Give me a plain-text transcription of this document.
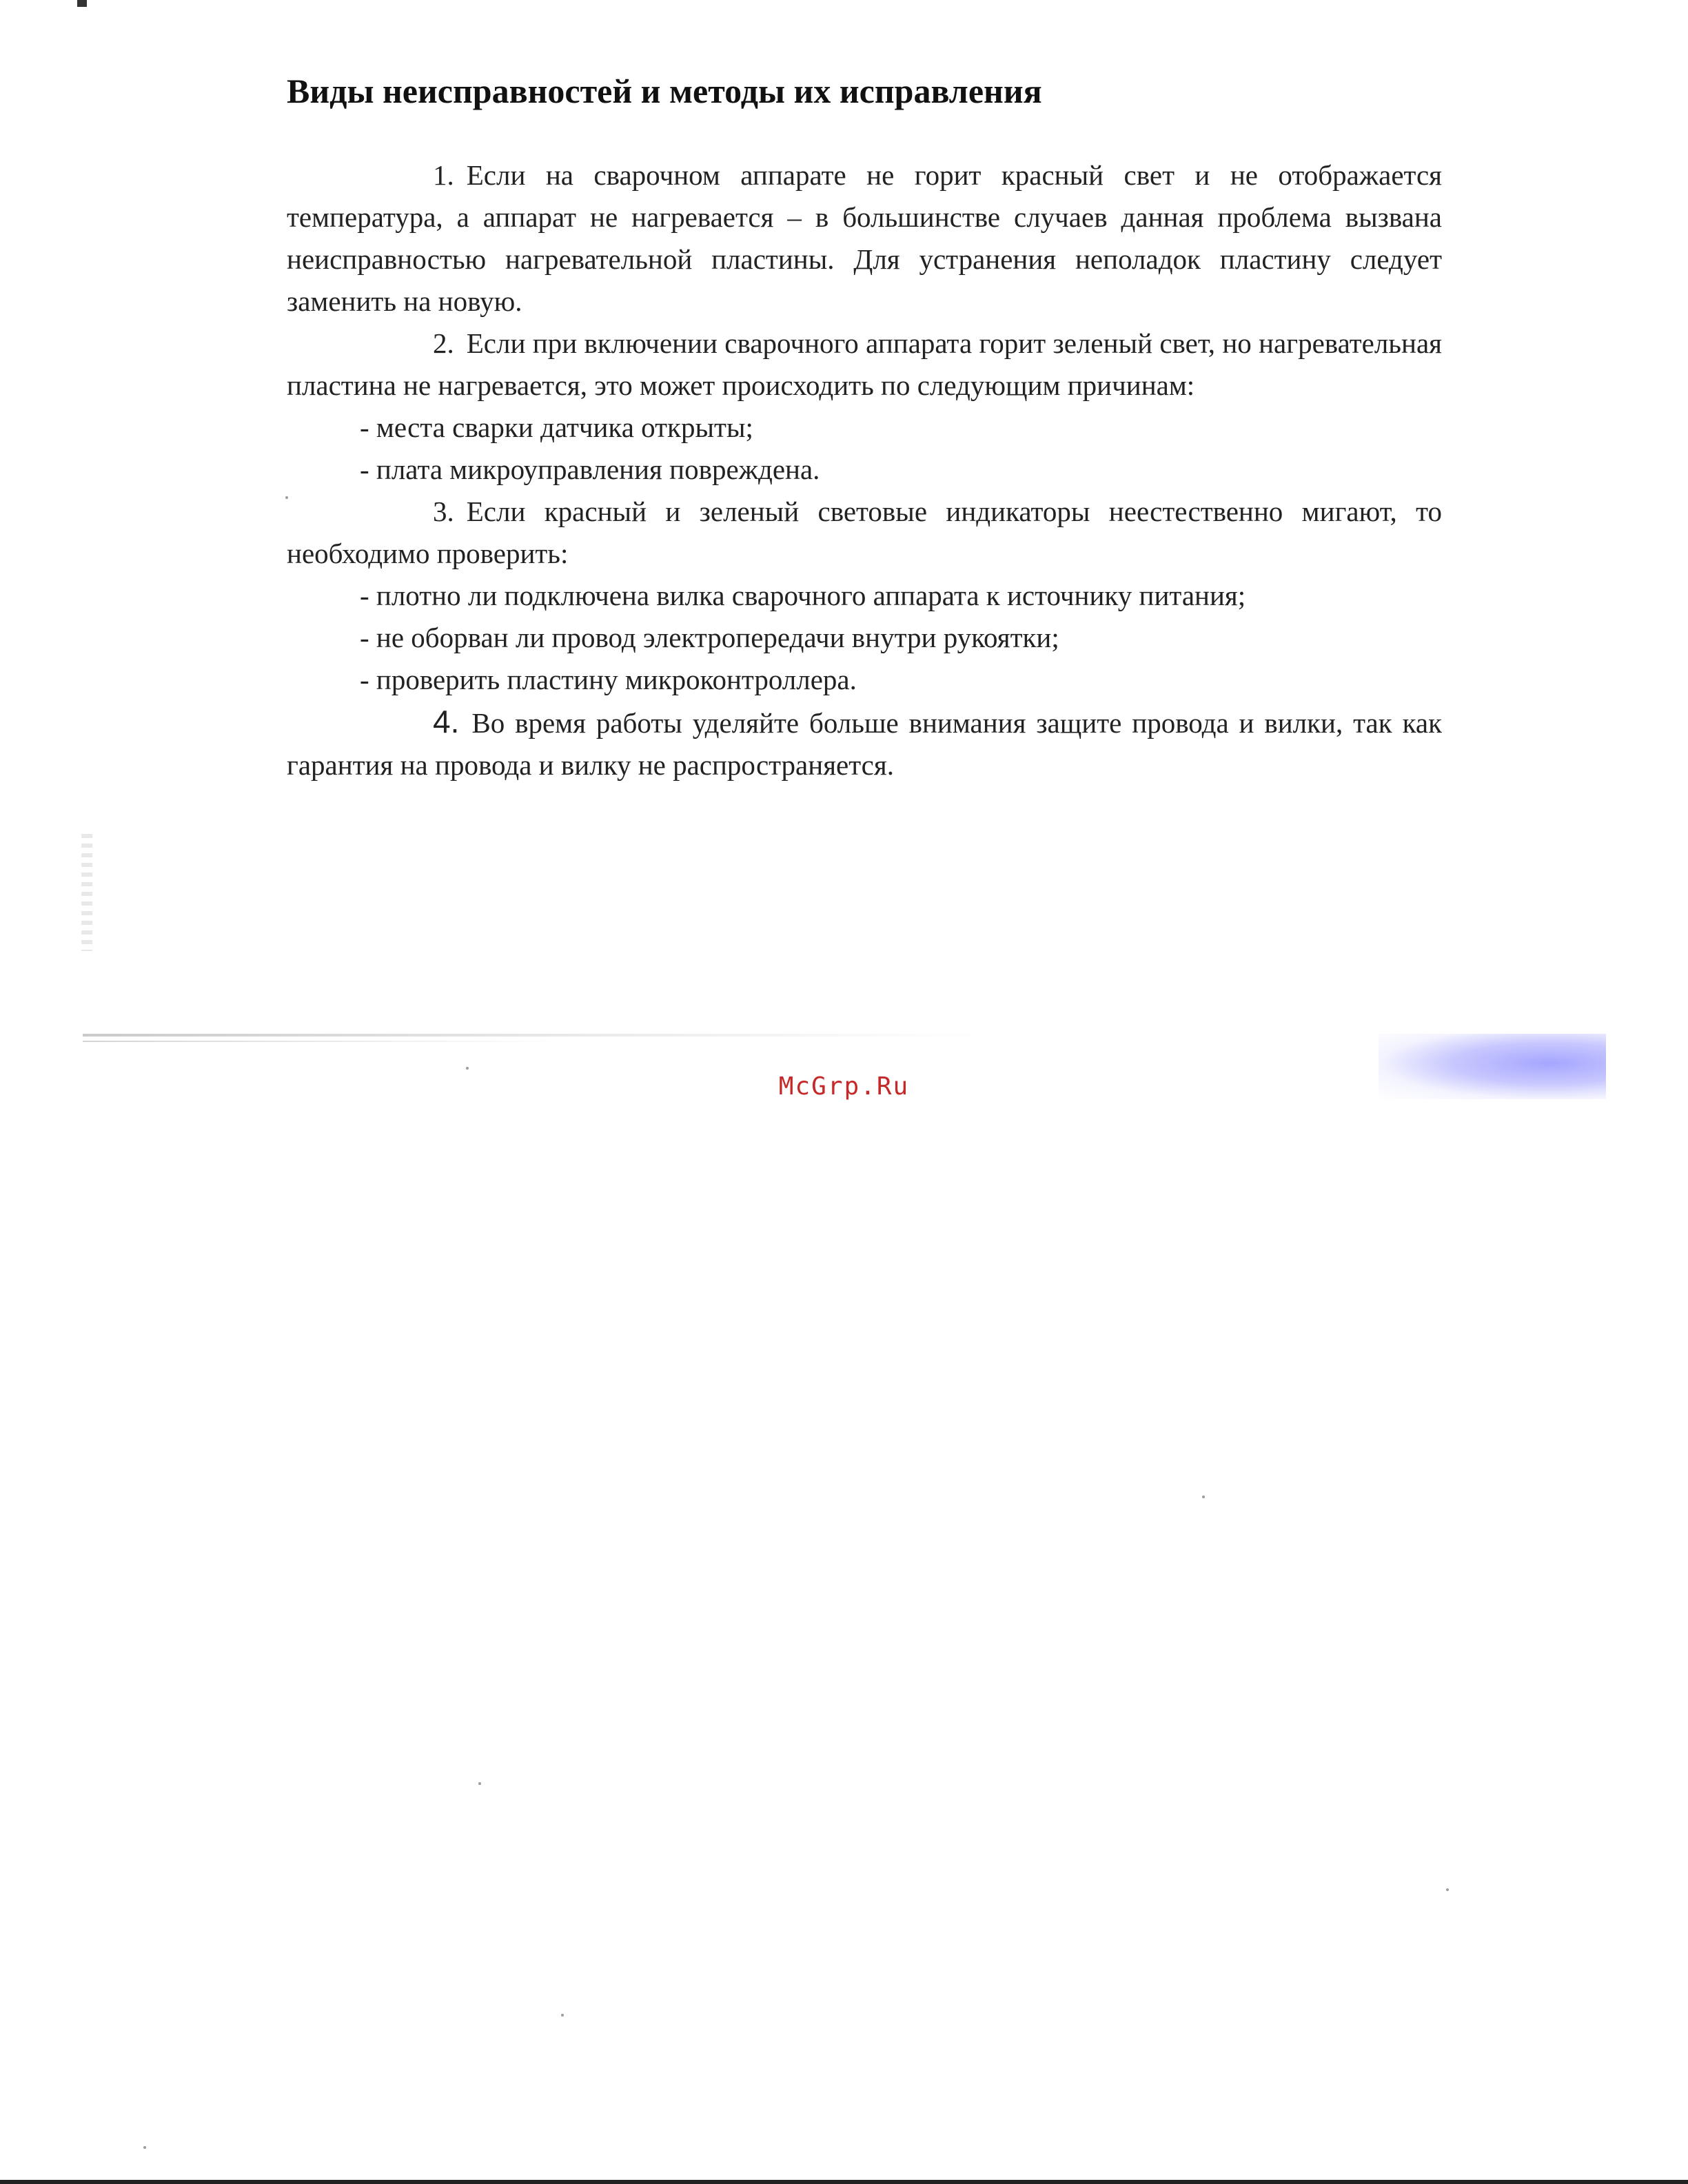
Виды неисправностей и методы их исправления

1. Если на сварочном аппарате не горит красный свет и не отображается температура, а аппарат не нагревается – в большинстве случаев данная проблема вызвана неисправностью нагревательной пластины. Для устранения неполадок пластину следует заменить на новую.

2. Если при включении сварочного аппарата горит зеленый свет, но нагревательная пластина не нагревается, это может происходить по следующим причинам:

- места сварки датчика открыты;

- плата микроуправления повреждена.

3. Если красный и зеленый световые индикаторы неестественно мигают, то необходимо проверить:

- плотно ли подключена вилка сварочного аппарата к источнику питания;

- не оборван ли провод электропередачи внутри рукоятки;

- проверить пластину микроконтроллера.

4. Во время работы уделяйте больше внимания защите провода и вилки, так как гарантия на провода и вилку не распространяется.

McGrp.Ru
